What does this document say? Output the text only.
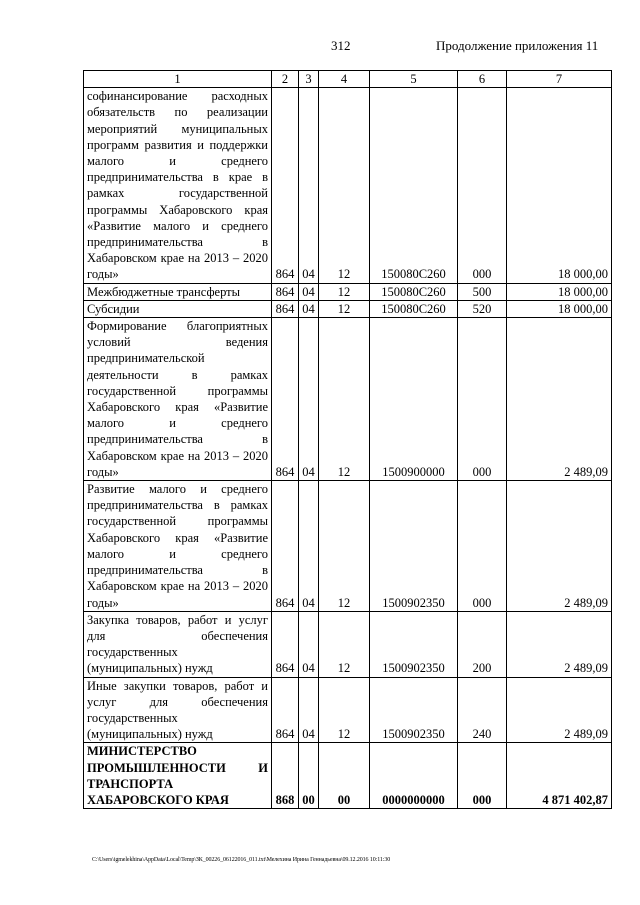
312	Продолжение приложения 11
1	2	3	4	5	6	7
софинансирование расходных обязательств по реализации мероприятий муниципальных программ развития и поддержки малого и среднего предпринимательства в крае в рамках государственной программы Хабаровского края «Развитие малого и среднего предпринимательства в Хабаровском крае на 2013 – 2020 годы»	864	04	12	150080С260	000	18 000,00
Межбюджетные трансферты	864	04	12	150080С260	500	18 000,00
Субсидии	864	04	12	150080С260	520	18 000,00
Формирование благоприятных условий ведения предпринимательской деятельности в рамках государственной программы Хабаровского края «Развитие малого и среднего предпринимательства в Хабаровском крае на 2013 – 2020 годы»	864	04	12	1500900000	000	2 489,09
Развитие малого и среднего предпринимательства в рамках государственной программы Хабаровского края «Развитие малого и среднего предпринимательства в Хабаровском крае на 2013 – 2020 годы»	864	04	12	1500902350	000	2 489,09
Закупка товаров, работ и услуг для обеспечения государственных (муниципальных) нужд	864	04	12	1500902350	200	2 489,09
Иные закупки товаров, работ и услуг для обеспечения государственных (муниципальных) нужд	864	04	12	1500902350	240	2 489,09
МИНИСТЕРСТВО ПРОМЫШЛЕННОСТИ И ТРАНСПОРТА ХАБАРОВСКОГО КРАЯ	868	00	00	0000000000	000	4 871 402,87
C:\Users\igmelekhina\AppData\Local\Temp\ЗК_00226_06122016_011.txt\Мелехина Ирина Геннадьевна\09.12.2016 10:11:30
